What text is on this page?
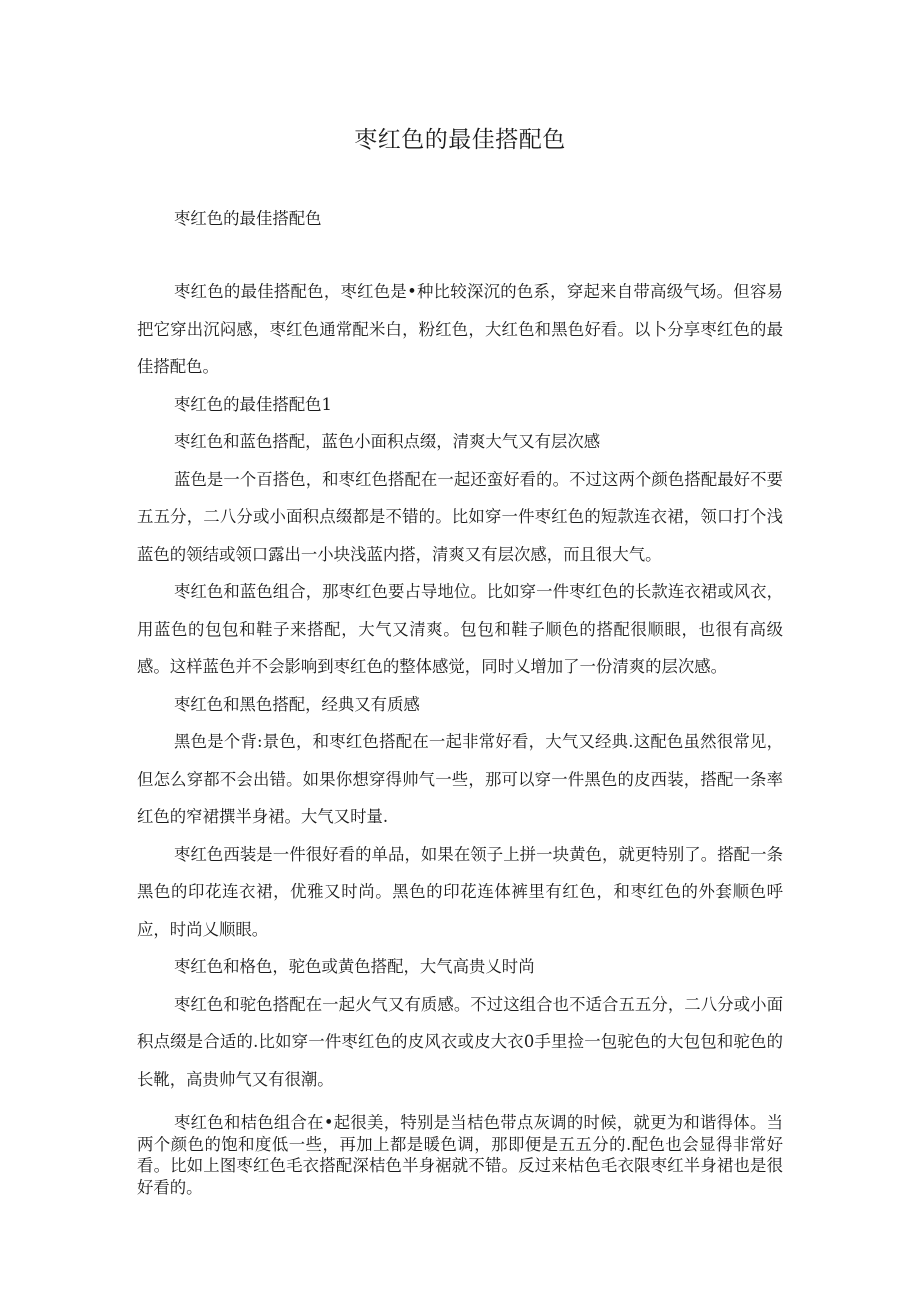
枣红色的最佳搭配色

枣红色的最佳搭配色

枣红色的最佳搭配色，枣红色是•种比较深沉的色系，穿起来自带高级气场。但容易把它穿出沉闷感，枣红色通常配米白，粉红色，大红色和黑色好看。以卜分享枣红色的最佳搭配色。

枣红色的最佳搭配色1

枣红色和蓝色搭配，蓝色小面积点缀，清爽大气又有层次感

蓝色是一个百搭色，和枣红色搭配在一起还蛮好看的。不过这两个颜色搭配最好不要五五分，二八分或小面积点缀都是不错的。比如穿一件枣红色的短款连衣裙，领口打个浅蓝色的领结或领口露出一小块浅蓝内搭，清爽又有层次感，而且很大气。

枣红色和蓝色组合，那枣红色要占导地位。比如穿一件枣红色的长款连衣裙或风衣，用蓝色的包包和鞋子来搭配，大气又清爽。包包和鞋子顺色的搭配很顺眼，也很有高级感。这样蓝色并不会影响到枣红色的整体感觉，同时乂增加了一份清爽的层次感。

枣红色和黑色搭配，经典又有质感

黑色是个背:景色，和枣红色搭配在一起非常好看，大气又经典.这配色虽然很常见，但怎么穿都不会出错。如果你想穿得帅气一些，那可以穿一件黑色的皮西装，搭配一条率红色的窄裙撰半身裙。大气又时量.

枣红色西装是一件很好看的单品，如果在领子上拼一块黄色，就更特别了。搭配一条黑色的印花连衣裙，优雅又时尚。黑色的印花连体裤里有红色，和枣红色的外套顺色呼应，时尚乂顺眼。

枣红色和格色，驼色或黄色搭配，大气高贵乂时尚

枣红色和驼色搭配在一起火气又有质感。不过这组合也不适合五五分，二八分或小面积点缀是合适的.比如穿一件枣红色的皮风衣或皮大衣0手里捡一包驼色的大包包和驼色的长靴，高贵帅气又有很潮。

枣红色和桔色组合在•起很美，特别是当桔色带点灰调的时候，就更为和谐得体。当两个颜色的饱和度低一些，再加上都是暖色调，那即便是五五分的.配色也会显得非常好看。比如上图枣红色毛衣搭配深桔色半身裾就不错。反过来枯色毛衣限枣红半身裙也是很好看的。
